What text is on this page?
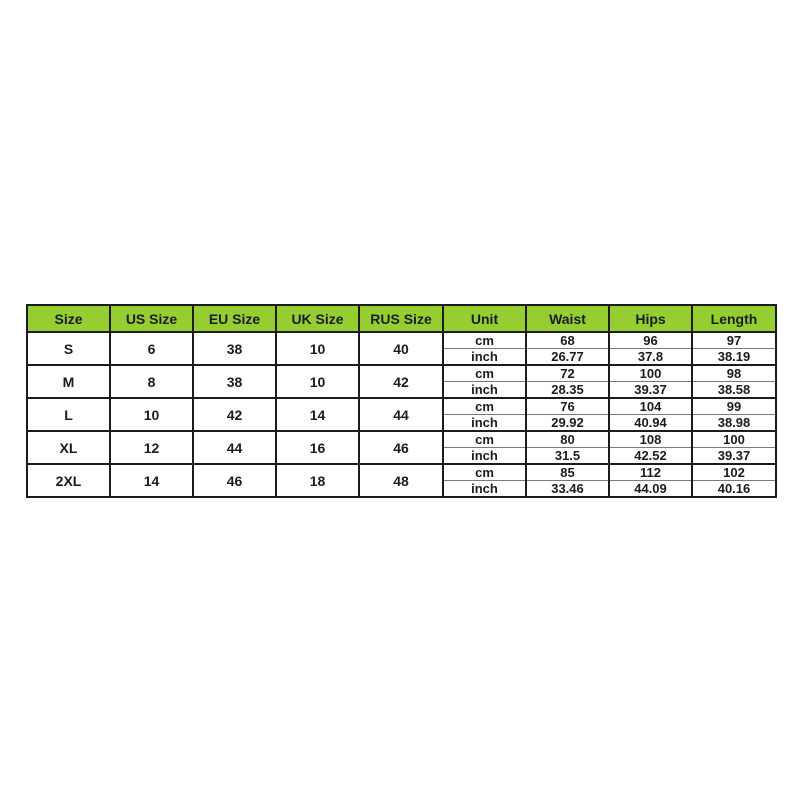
Size	US Size	EU Size	UK Size	RUS Size	Unit	Waist	Hips	Length
S	6	38	10	40	cm	68	96	97
					inch	26.77	37.8	38.19
M	8	38	10	42	cm	72	100	98
					inch	28.35	39.37	38.58
L	10	42	14	44	cm	76	104	99
					inch	29.92	40.94	38.98
XL	12	44	16	46	cm	80	108	100
					inch	31.5	42.52	39.37
2XL	14	46	18	48	cm	85	112	102
					inch	33.46	44.09	40.16
